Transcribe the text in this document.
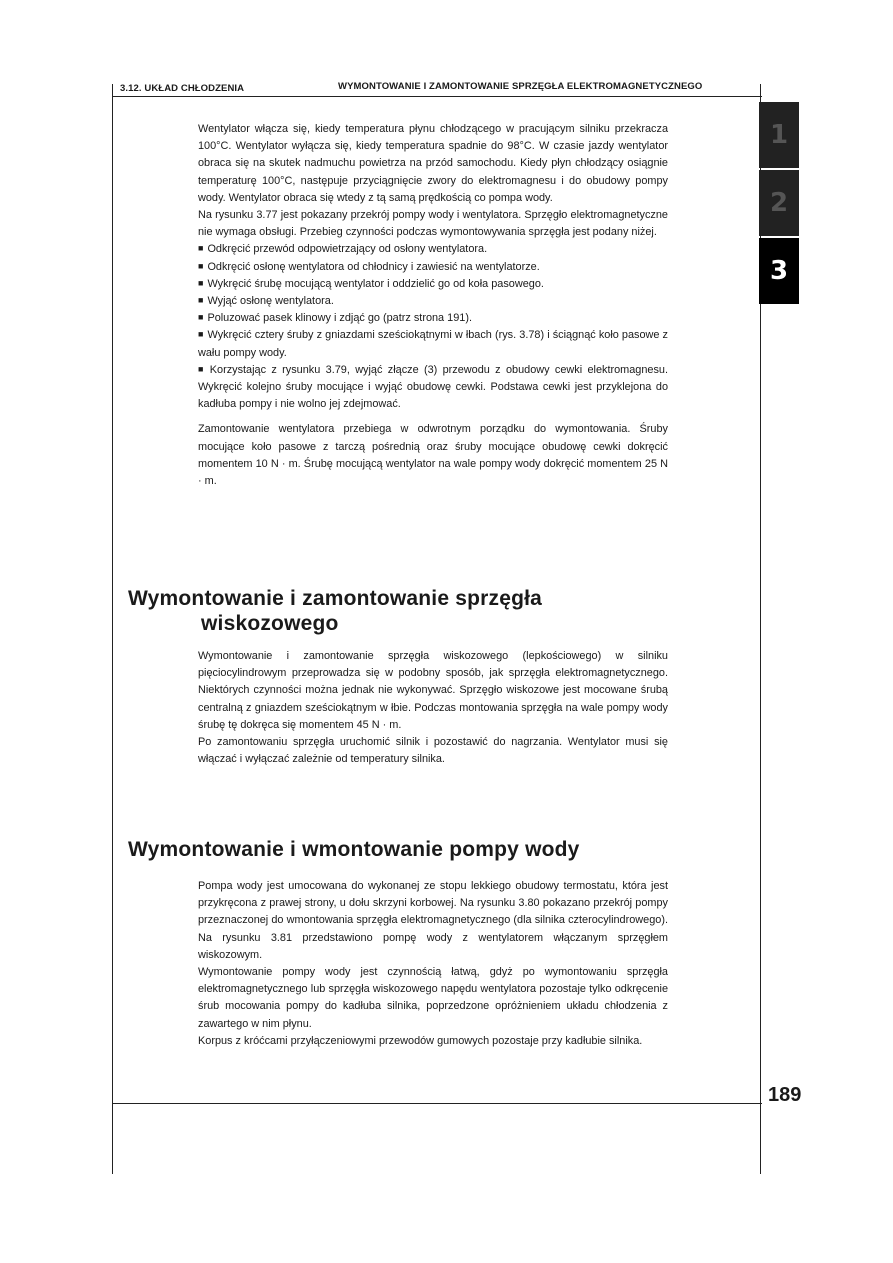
3.12. UKŁAD CHŁODZENIA	WYMONTOWANIE I ZAMONTOWANIE SPRZĘGŁA ELEKTROMAGNETYCZNEGO
1
2
3

Wentylator włącza się, kiedy temperatura płynu chłodzącego w pracującym silniku przekracza 100°C. Wentylator wyłącza się, kiedy temperatura spadnie do 98°C. W czasie jazdy wentylator obraca się na skutek nadmuchu powietrza na przód samochodu. Kiedy płyn chłodzący osiągnie temperaturę 100°C, następuje przyciągnięcie zwory do elektromagnesu i do obudowy pompy wody. Wentylator obraca się wtedy z tą samą prędkością co pompa wody.

Na rysunku 3.77 jest pokazany przekrój pompy wody i wentylatora. Sprzęgło elektromagnetyczne nie wymaga obsługi. Przebieg czynności podczas wymontowywania sprzęgła jest podany niżej.

■ Odkręcić przewód odpowietrzający od osłony wentylatora.

■ Odkręcić osłonę wentylatora od chłodnicy i zawiesić na wentylatorze.

■ Wykręcić śrubę mocującą wentylator i oddzielić go od koła pasowego.

■ Wyjąć osłonę wentylatora.

■ Poluzować pasek klinowy i zdjąć go (patrz strona 191).

■ Wykręcić cztery śruby z gniazdami sześciokątnymi w łbach (rys. 3.78) i ściągnąć koło pasowe z wału pompy wody.

■ Korzystając z rysunku 3.79, wyjąć złącze (3) przewodu z obudowy cewki elektromagnesu. Wykręcić kolejno śruby mocujące i wyjąć obudowę cewki. Podstawa cewki jest przyklejona do kadłuba pompy i nie wolno jej zdejmować.

Zamontowanie wentylatora przebiega w odwrotnym porządku do wymontowania. Śruby mocujące koło pasowe z tarczą pośrednią oraz śruby mocujące obudowę cewki dokręcić momentem 10 N · m. Śrubę mocującą wentylator na wale pompy wody dokręcić momentem 25 N · m.

Wymontowanie i zamontowanie sprzęgła
wiskozowego

Wymontowanie i zamontowanie sprzęgła wiskozowego (lepkościowego) w silniku pięciocylindrowym przeprowadza się w podobny sposób, jak sprzęgła elektromagnetycznego. Niektórych czynności można jednak nie wykonywać. Sprzęgło wiskozowe jest mocowane śrubą centralną z gniazdem sześciokątnym w łbie. Podczas montowania sprzęgła na wale pompy wody śrubę tę dokręca się momentem 45 N · m.

Po zamontowaniu sprzęgła uruchomić silnik i pozostawić do nagrzania. Wentylator musi się włączać i wyłączać zależnie od temperatury silnika.

Wymontowanie i wmontowanie pompy wody

Pompa wody jest umocowana do wykonanej ze stopu lekkiego obudowy termostatu, która jest przykręcona z prawej strony, u dołu skrzyni korbowej. Na rysunku 3.80 pokazano przekrój pompy przeznaczonej do wmontowania sprzęgła elektromagnetycznego (dla silnika czterocylindrowego). Na rysunku 3.81 przedstawiono pompę wody z wentylatorem włączanym sprzęgłem wiskozowym.

Wymontowanie pompy wody jest czynnością łatwą, gdyż po wymontowaniu sprzęgła elektromagnetycznego lub sprzęgła wiskozowego napędu wentylatora pozostaje tylko odkręcenie śrub mocowania pompy do kadłuba silnika, poprzedzone opróżnieniem układu chłodzenia z zawartego w nim płynu.

Korpus z króćcami przyłączeniowymi przewodów gumowych pozostaje przy kadłubie silnika.

189
